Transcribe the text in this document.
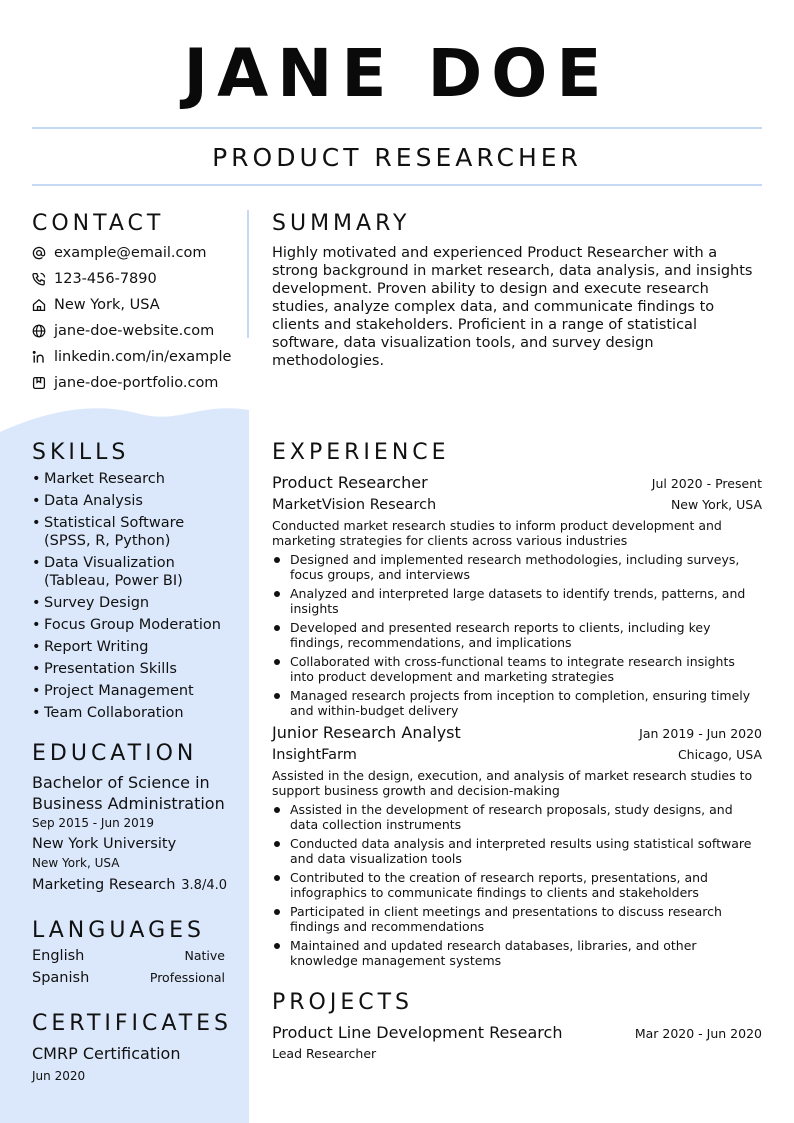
JANE DOE
PRODUCT RESEARCHER
CONTACT
example@email.com
123-456-7890
New York, USA
jane-doe-website.com
linkedin.com/in/example
jane-doe-portfolio.com
SKILLS
• Market Research
• Data Analysis
• Statistical Software (SPSS, R, Python)
• Data Visualization (Tableau, Power BI)
• Survey Design
• Focus Group Moderation
• Report Writing
• Presentation Skills
• Project Management
• Team Collaboration
EDUCATION
Bachelor of Science in Business Administration
Sep 2015 - Jun 2019
New York University
New York, USA
Marketing Research 3.8/4.0
LANGUAGES
English	Native
Spanish	Professional
CERTIFICATES
CMRP Certification
Jun 2020
SUMMARY
Highly motivated and experienced Product Researcher with a strong background in market research, data analysis, and insights development. Proven ability to design and execute research studies, analyze complex data, and communicate findings to clients and stakeholders. Proficient in a range of statistical software, data visualization tools, and survey design methodologies.
EXPERIENCE
Product Researcher	Jul 2020 - Present
MarketVision Research	New York, USA
Conducted market research studies to inform product development and marketing strategies for clients across various industries
Designed and implemented research methodologies, including surveys, focus groups, and interviews
Analyzed and interpreted large datasets to identify trends, patterns, and insights
Developed and presented research reports to clients, including key findings, recommendations, and implications
Collaborated with cross-functional teams to integrate research insights into product development and marketing strategies
Managed research projects from inception to completion, ensuring timely and within-budget delivery
Junior Research Analyst	Jan 2019 - Jun 2020
InsightFarm	Chicago, USA
Assisted in the design, execution, and analysis of market research studies to support business growth and decision-making
Assisted in the development of research proposals, study designs, and data collection instruments
Conducted data analysis and interpreted results using statistical software and data visualization tools
Contributed to the creation of research reports, presentations, and infographics to communicate findings to clients and stakeholders
Participated in client meetings and presentations to discuss research findings and recommendations
Maintained and updated research databases, libraries, and other knowledge management systems
PROJECTS
Product Line Development Research	Mar 2020 - Jun 2020
Lead Researcher
